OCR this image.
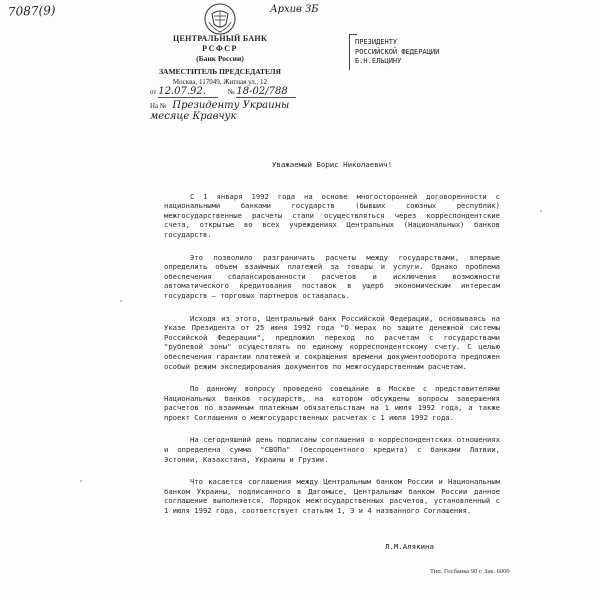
7087(9)	Архив ЗБ
ЦЕНТРАЛЬНЫЙ БАНК
РСФСР
(Банк России)
ЗАМЕСТИТЕЛЬ ПРЕДСЕДАТЕЛЯ
Москва, 117049, Житная ул., 12
от 12.07.92.	№ 18-02/788
На № Президенту Украины
месяце Кравчук
ПРЕЗИДЕНТУ
РОССИЙСКОЙ ФЕДЕРАЦИИ
Б.Н.ЕЛЬЦИНУ
Уважаемый Борис Николаевич!

С 1 января 1992 года на основе многосторонней договоренности с национальными банками государств (бывших союзных республик) межгосударственные расчеты стали осуществляться через корреспондентские счета, открытые во всех учреждениях Центральных (Национальных) банков государств.

Это позволило разграничить расчеты между государствами, впервые определить объем взаимных платежей за товары и услуги. Однако проблема обеспечения сбалансированности расчетов и исключения возможности автоматического кредитования поставок в ущерб экономическим интересам государств — торговых партнеров оставалась.

Исходя из этого, Центральный банк Российской Федерации, основываясь на Указе Президента от 25 июня 1992 года "О мерах по защите денежной системы Российской Федерации", предложил переход по расчетам с государствами "рублевой зоны" осуществлять по единому корреспондентскому счету. С целью обеспечения гарантии платежей и сокращения времени документооборота предложен особый режим экспедирования документов по межгосударственным расчетам.

По данному вопросу проведено совещание в Москве с представителями Национальных банков государств, на котором обсуждены вопросы завершения расчетов по взаимным платежным обязательствам на 1 июля 1992 года, а также проект Соглашения о межгосударственных расчетах с 1 июля 1992 года.

На сегодняшний день подписаны соглашения о корреспондентских отношениях и определена сумма "СВОПа" (беспроцентного кредита) с банками Латвии, Эстонии, Казахстана, Украины и Грузии.

Что касается соглашения между Центральным банком России и Национальным банком Украины, подписанного в Дагомысе, Центральным банком России данное соглашение выполняется. Порядок межгосударственных расчетов, установленный с 1 июля 1992 года, соответствует статьям 1, 3 и 4 названного Соглашения.

Л.М.Алякина
Тип. Госбанка 90 г. Зак. 6000
